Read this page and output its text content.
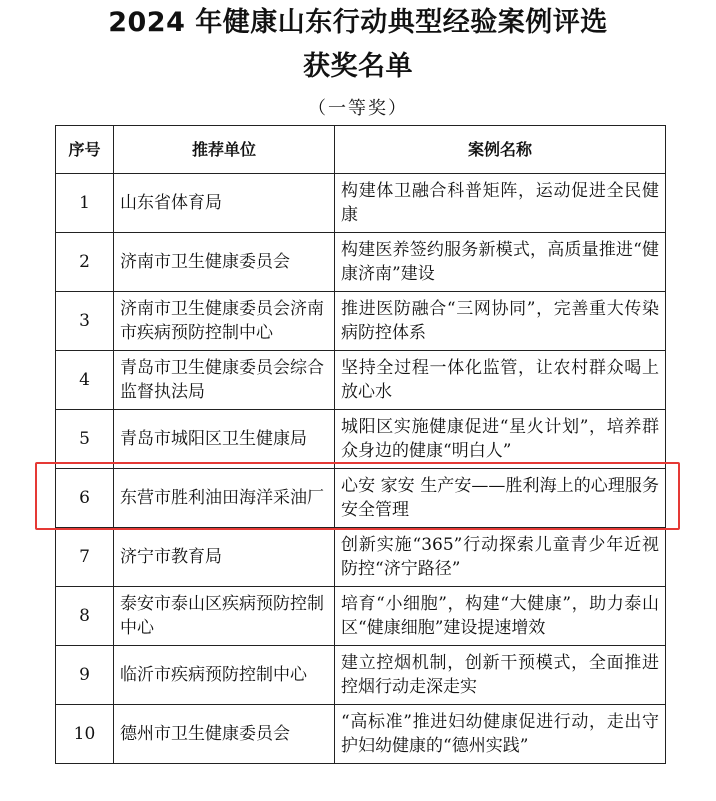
2024 年健康山东行动典型经验案例评选
获奖名单
（一等奖）
序号	推荐单位	案例名称
1	山东省体育局	构建体卫融合科普矩阵，运动促进全民健康
2	济南市卫生健康委员会	构建医养签约服务新模式，高质量推进“健康济南”建设
3	济南市卫生健康委员会济南市疾病预防控制中心	推进医防融合“三网协同”，完善重大传染病防控体系
4	青岛市卫生健康委员会综合监督执法局	坚持全过程一体化监管，让农村群众喝上放心水
5	青岛市城阳区卫生健康局	城阳区实施健康促进“星火计划”，培养群众身边的健康“明白人”
6	东营市胜利油田海洋采油厂	心安 家安 生产安——胜利海上的心理服务安全管理
7	济宁市教育局	创新实施“365”行动探索儿童青少年近视防控“济宁路径”
8	泰安市泰山区疾病预防控制中心	培育“小细胞”，构建“大健康”，助力泰山区“健康细胞”建设提速增效
9	临沂市疾病预防控制中心	建立控烟机制，创新干预模式，全面推进控烟行动走深走实
10	德州市卫生健康委员会	“高标准”推进妇幼健康促进行动，走出守护妇幼健康的“德州实践”
